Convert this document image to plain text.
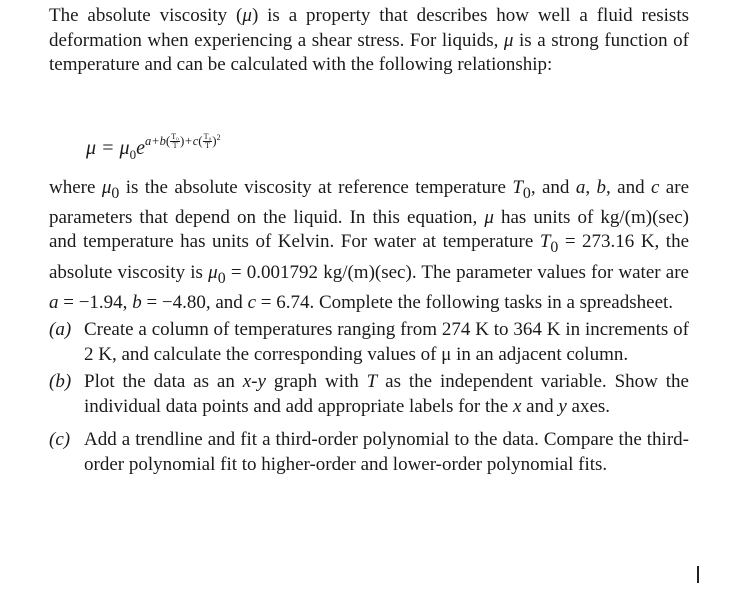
The absolute viscosity (μ) is a property that describes how well a fluid resists deformation when experiencing a shear stress. For liquids, μ is a strong function of temperature and can be calculated with the following relationship:

$\mu = \mu_0e^{a+b( \frac{\text{T₀}}{T} )+c( \frac{\text{T₀}}{T} )^2}$

where $\mu_0$ is the absolute viscosity at reference temperature $T_0$, and a, b, and c are parameters that depend on the liquid. In this equation, μ has units of kg/(m)(sec) and temperature has units of Kelvin. For water at temperature $T_0 = 273.16$ K, the absolute viscosity is $\mu_0 = 0.001792$ kg/(m)(sec). The parameter values for water are a = −1.94, b = −4.80, and c = 6.74. Complete the following tasks in a spreadsheet.

(a) Create a column of temperatures ranging from 274 K to 364 K in increments of 2 K, and calculate the corresponding values of μ in an adjacent column.
(b) Plot the data as an x-y graph with T as the independent variable. Show the individual data points and add appropriate labels for the x and y axes.
(c) Add a trendline and fit a third-order polynomial to the data. Compare the third-order polynomial fit to higher-order and lower-order polynomial fits.
